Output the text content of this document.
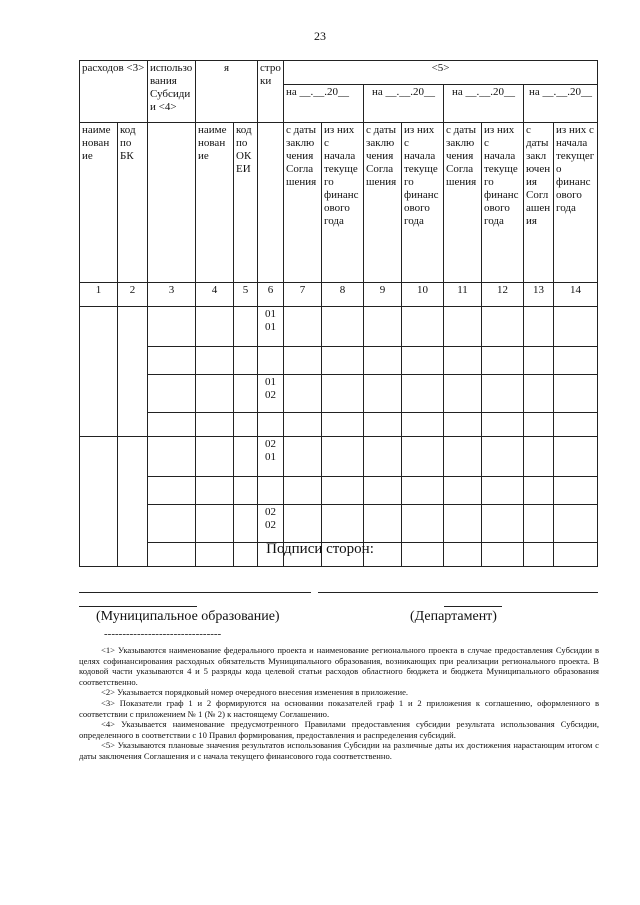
23
расходов <3>		использования Субсидии <4>	я		строки	<5>							
						на __.__.20__		на __.__.20__		на __.__.20__		на __.__.20__	
наименование	код по БК		наименование	код по ОКЕИ		с даты заключения Соглашения	из них с начала текущего финансового года	с даты заключения Соглашения	из них с начала текущего финансового года	с даты заключения Соглашения	из них с начала текущего финансового года	с даты заключения Соглашения	из них с начала текущего финансового года
1	2	3	4	5	6	7	8	9	10	11	12	13	14
					01 01								

					01 02								

					02 01								

					02 02								

Подписи сторон:
(Муниципальное образование)	(Департамент)
--------------------------------

<1> Указываются наименование федерального проекта и наименование регионального проекта в случае предоставления Субсидии в целях софинансирования расходных обязательств Муниципального образования, возникающих при реализации регионального проекта. В кодовой части указываются 4 и 5 разряды кода целевой статьи расходов областного бюджета и бюджета Муниципального образования соответственно.

<2> Указывается порядковый номер очередного внесения изменения в приложение.

<3> Показатели граф 1 и 2 формируются на основании показателей граф 1 и 2 приложения к соглашению, оформленного в соответствии с приложением № 1 (№ 2) к настоящему Соглашению.

<4> Указывается наименование предусмотренного Правилами предоставления субсидии результата использования Субсидии, определенного в соответствии с 10 Правил формирования, предоставления и распределения субсидий.

<5> Указываются плановые значения результатов использования Субсидии на различные даты их достижения нарастающим итогом с даты заключения Соглашения и с начала текущего финансового года соответственно.
